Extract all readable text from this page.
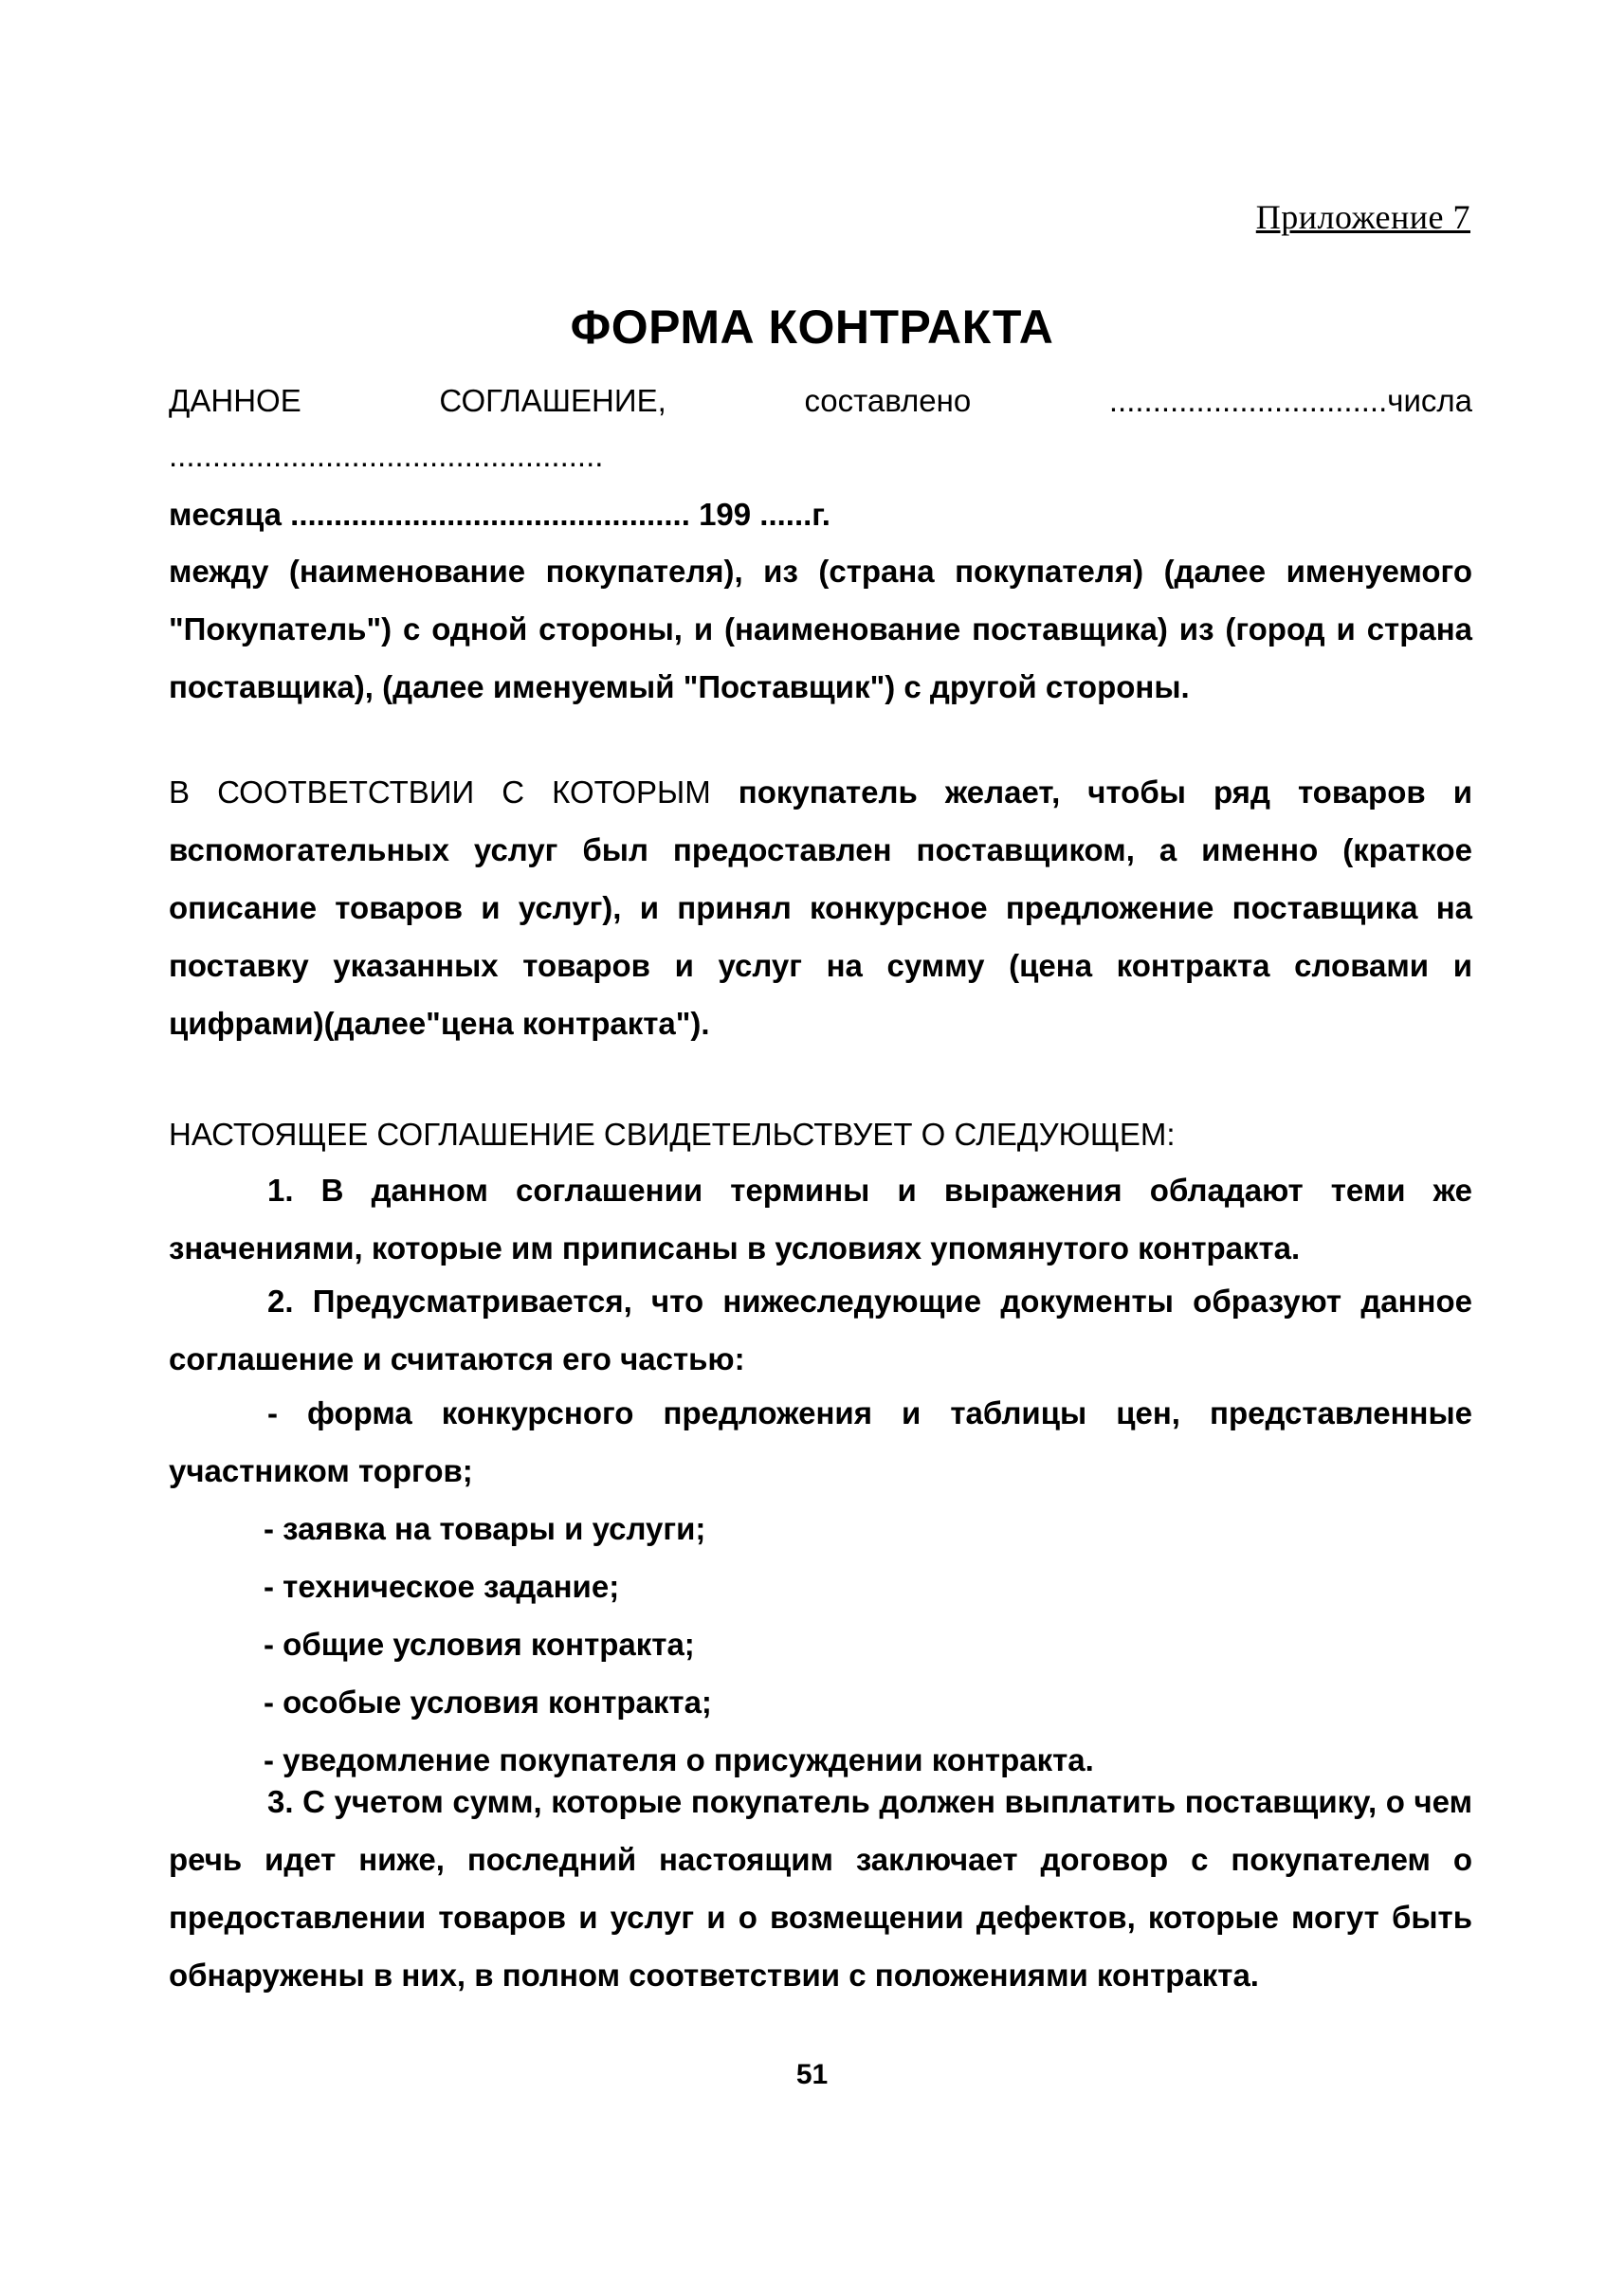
Приложение 7
ФОРМА КОНТРАКТА
ДАННОЕ	СОГЛАШЕНИЕ,	составлено	................................числа
..................................................
месяца .............................................. 199 ......г.
между (наименование покупателя), из (страна покупателя) (далее именуемого "Покупатель") с одной стороны, и (наименование поставщика) из (город и страна поставщика), (далее именуемый "Поставщик") с другой стороны.
В СООТВЕТСТВИИ С КОТОРЫМ покупатель желает, чтобы ряд товаров и вспомогательных услуг был предоставлен поставщиком, а именно (краткое описание товаров и услуг), и принял конкурсное предложение поставщика на поставку указанных товаров и услуг на сумму (цена контракта словами и цифрами)(далее"цена контракта").
НАСТОЯЩЕЕ СОГЛАШЕНИЕ СВИДЕТЕЛЬСТВУЕТ О СЛЕДУЮЩЕМ:
1. В данном соглашении термины и выражения обладают теми же значениями, которые им приписаны в условиях упомянутого контракта.
2. Предусматривается, что нижеследующие документы образуют данное соглашение и считаются его частью:
- форма конкурсного предложения и таблицы цен, представленные участником торгов;
- заявка на товары и услуги;
- техническое задание;
- общие условия контракта;
- особые условия контракта;
- уведомление покупателя о присуждении контракта.
3. С учетом сумм, которые покупатель должен выплатить поставщику, о чем речь идет ниже, последний настоящим заключает договор с покупателем о предоставлении товаров и услуг и о возмещении дефектов, которые могут быть обнаружены в них, в полном соответствии с положениями контракта.
51
